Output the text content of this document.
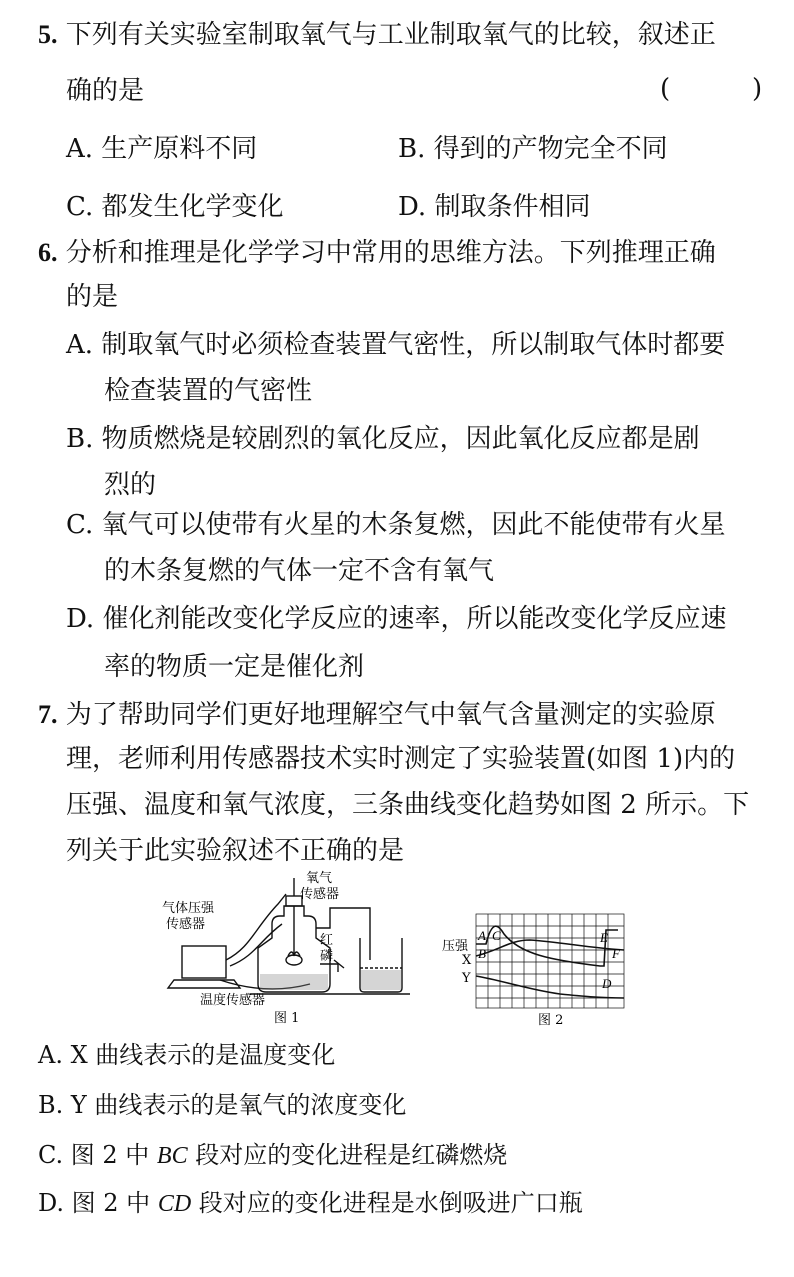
5. 下列有关实验室制取氧气与工业制取氧气的比较，叙述正
确的是	(	)
A. 生产原料不同	B. 得到的产物完全不同
C. 都发生化学变化	D. 制取条件相同
6. 分析和推理是化学学习中常用的思维方法。下列推理正确
的是
A. 制取氧气时必须检查装置气密性，所以制取气体时都要
检查装置的气密性
B. 物质燃烧是较剧烈的氧化反应，因此氧化反应都是剧
烈的
C. 氧气可以使带有火星的木条复燃，因此不能使带有火星
的木条复燃的气体一定不含有氧气
D. 催化剂能改变化学反应的速率，所以能改变化学反应速
率的物质一定是催化剂
7. 为了帮助同学们更好地理解空气中氧气含量测定的实验原
理，老师利用传感器技术实时测定了实验装置(如图 1)内的
压强、温度和氧气浓度，三条曲线变化趋势如图 2 所示。下
列关于此实验叙述不正确的是
气体压强
传感器
氧气
传感器
红
磷
温度传感器
图 1
压强
X
Y
A
B
C
D
E
F
图 2
A. X 曲线表示的是温度变化
B. Y 曲线表示的是氧气的浓度变化
C. 图 2 中 BC 段对应的变化进程是红磷燃烧
D. 图 2 中 CD 段对应的变化进程是水倒吸进广口瓶
